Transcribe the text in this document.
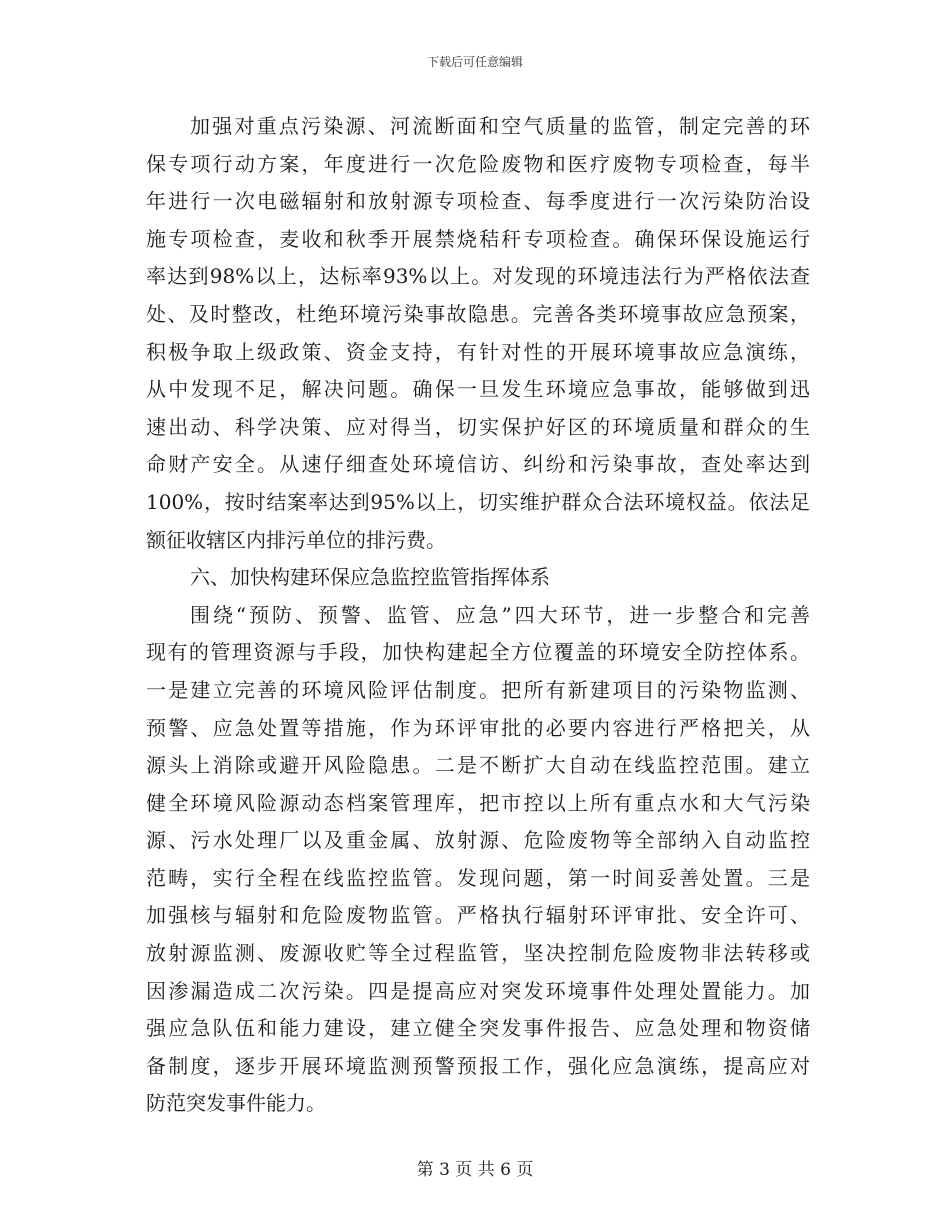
下载后可任意编辑
加强对重点污染源、河流断面和空气质量的监管，制定完善的环
保专项行动方案，年度进行一次危险废物和医疗废物专项检查，每半
年进行一次电磁辐射和放射源专项检查、每季度进行一次污染防治设
施专项检查，麦收和秋季开展禁烧秸秆专项检查。确保环保设施运行
率达到98%以上，达标率93%以上。对发现的环境违法行为严格依法查
处、及时整改，杜绝环境污染事故隐患。完善各类环境事故应急预案，
积极争取上级政策、资金支持，有针对性的开展环境事故应急演练，
从中发现不足，解决问题。确保一旦发生环境应急事故，能够做到迅
速出动、科学决策、应对得当，切实保护好区的环境质量和群众的生
命财产安全。从速仔细查处环境信访、纠纷和污染事故，查处率达到
100%，按时结案率达到95%以上，切实维护群众合法环境权益。依法足
额征收辖区内排污单位的排污费。
六、加快构建环保应急监控监管指挥体系
围绕“预防、预警、监管、应急”四大环节，进一步整合和完善
现有的管理资源与手段，加快构建起全方位覆盖的环境安全防控体系。
一是建立完善的环境风险评估制度。把所有新建项目的污染物监测、
预警、应急处置等措施，作为环评审批的必要内容进行严格把关，从
源头上消除或避开风险隐患。二是不断扩大自动在线监控范围。建立
健全环境风险源动态档案管理库，把市控以上所有重点水和大气污染
源、污水处理厂以及重金属、放射源、危险废物等全部纳入自动监控
范畴，实行全程在线监控监管。发现问题，第一时间妥善处置。三是
加强核与辐射和危险废物监管。严格执行辐射环评审批、安全许可、
放射源监测、废源收贮等全过程监管，坚决控制危险废物非法转移或
因渗漏造成二次污染。四是提高应对突发环境事件处理处置能力。加
强应急队伍和能力建设，建立健全突发事件报告、应急处理和物资储
备制度，逐步开展环境监测预警预报工作，强化应急演练，提高应对
防范突发事件能力。
第 3 页 共 6 页
